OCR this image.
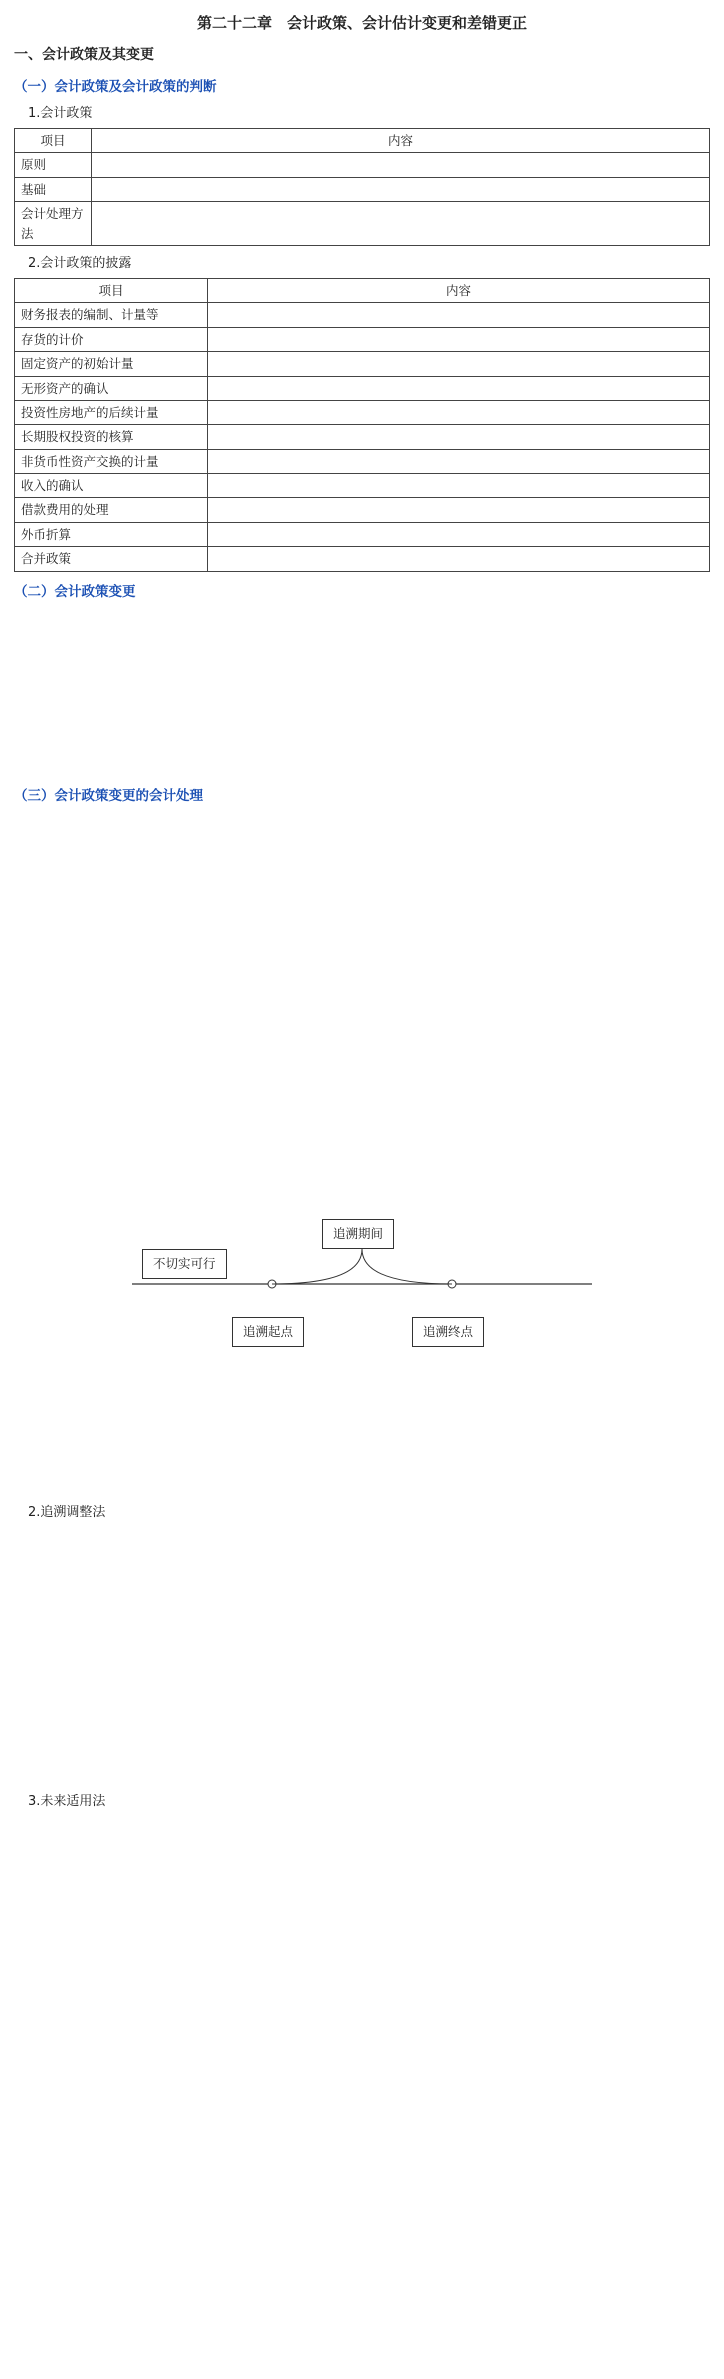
第二十二章　会计政策、会计估计变更和差错更正
一、会计政策及其变更
（一）会计政策及会计政策的判断
1.会计政策
项目	内容
原则	
基础	
会计处理方法	
2.会计政策的披露
项目	内容
财务报表的编制、计量等	
存货的计价	
固定资产的初始计量	
无形资产的确认	
投资性房地产的后续计量	
长期股权投资的核算	
非货币性资产交换的计量	
收入的确认	
借款费用的处理	
外币折算	
合并政策	
（二）会计政策变更
（三）会计政策变更的会计处理
追溯期间
不切实可行
追溯起点	追溯终点
2.追溯调整法
3.未来适用法
